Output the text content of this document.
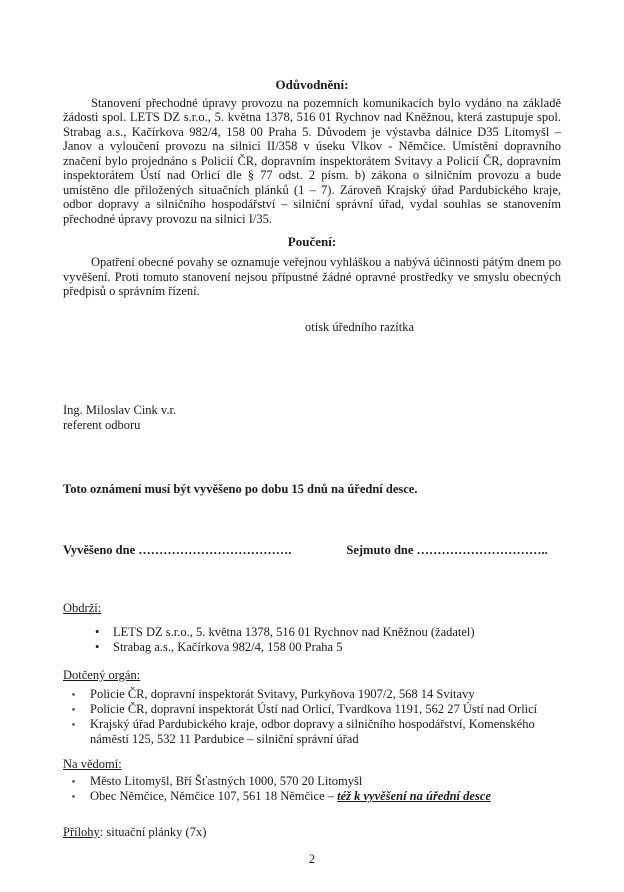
Odůvodnění:

Stanovení přechodné úpravy provozu na pozemních komunikacích bylo vydáno na základě žádosti spol. LETS DZ s.r.o., 5. května 1378, 516 01 Rychnov nad Kněžnou, která zastupuje spol. Strabag a.s., Kačírkova 982/4, 158 00 Praha 5. Důvodem je výstavba dálnice D35 Litomyšl – Janov a vyloučení provozu na silnici II/358 v úseku Vlkov - Němčice. Umístění dopravního značení bylo projednáno s Policií ČR, dopravním inspektorátem Svitavy a Policií ČR, dopravním inspektorátem Ústí nad Orlicí dle § 77 odst. 2 písm. b) zákona o silničním provozu a bude umístěno dle přiložených situačních plánků (1 – 7). Zároveň Krajský úřad Pardubického kraje, odbor dopravy a silničního hospodářství – silniční správní úřad, vydal souhlas se stanovením přechodné úpravy provozu na silnici I/35.

Poučení:

Opatření obecné povahy se oznamuje veřejnou vyhláškou a nabývá účinnosti pátým dnem po vyvěšení. Proti tomuto stanovení nejsou přípustné žádné opravné prostředky ve smyslu obecných předpisů o správním řízení.

otisk úředního razítka
Ing. Miloslav Cink v.r.
referent odboru

Toto oznámení musí být vyvěšeno po dobu 15 dnů na úřední desce.

Vyvěšeno dne ……………………………….	Sejmuto dne …………………………..

Obdrží:

•	LETS DZ s.r.o., 5. května 1378, 516 01 Rychnov nad Kněžnou (žadatel)
•	Strabag a.s., Kačírkova 982/4, 158 00 Praha 5

Dotčený orgán:

▪	Policie ČR, dopravní inspektorát Svitavy, Purkyňova 1907/2, 568 14 Svitavy
▪	Policie ČR, dopravní inspektorát Ústí nad Orlicí, Tvardkova 1191, 562 27 Ústí nad Orlicí
▪	Krajský úřad Pardubického kraje, odbor dopravy a silničního hospodářství, Komenského náměstí 125, 532 11 Pardubice – silniční správní úřad

Na vědomí:

▪	Město Litomyšl, Bří Šťastných 1000, 570 20 Litomyšl
▪	Obec Němčice, Němčice 107, 561 18 Němčice – též k vyvěšení na úřední desce

Přílohy: situační plánky (7x)

2
